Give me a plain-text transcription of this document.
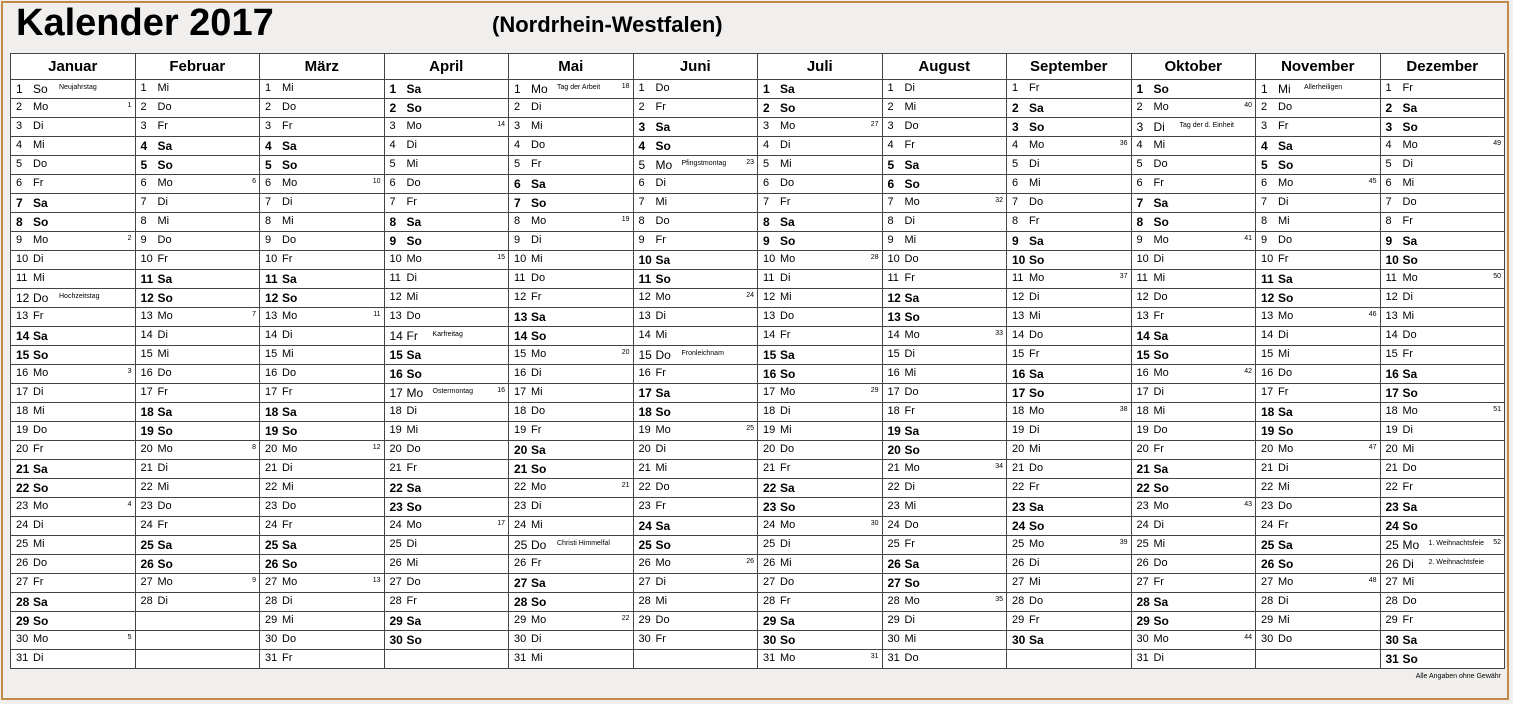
Kalender 2017	(Nordrhein-Westfalen)
Januar	Februar	März	April	Mai	Juni	Juli	August	September	Oktober	November	Dezember

1 So Neujahrstag	1 Mi	1 Mi	1 Sa	1 Mo Tag der Arbeit 18	1 Do	1 Sa	1 Di	1 Fr	1 So	1 Mi Allerheiligen	1 Fr

2 Mo 1	2 Do	2 Do	2 So	2 Di	2 Fr	2 So	2 Mi	2 Sa	2 Mo 40	2 Do	2 Sa

3 Di	3 Fr	3 Fr	3 Mo 14	3 Mi	3 Sa	3 Mo 27	3 Do	3 So	3 Di Tag der d. Einheit	3 Fr	3 So

4 Mi	4 Sa	4 Sa	4 Di	4 Do	4 So	4 Di	4 Fr	4 Mo 36	4 Mi	4 Sa	4 Mo 49

5 Do	5 So	5 So	5 Mi	5 Fr	5 Mo Pfingstmontag 23	5 Mi	5 Sa	5 Di	5 Do	5 So	5 Di

6 Fr	6 Mo 6	6 Mo 10	6 Do	6 Sa	6 Di	6 Do	6 So	6 Mi	6 Fr	6 Mo 45	6 Mi

7 Sa	7 Di	7 Di	7 Fr	7 So	7 Mi	7 Fr	7 Mo 32	7 Do	7 Sa	7 Di	7 Do

8 So	8 Mi	8 Mi	8 Sa	8 Mo 19	8 Do	8 Sa	8 Di	8 Fr	8 So	8 Mi	8 Fr

9 Mo 2	9 Do	9 Do	9 So	9 Di	9 Fr	9 So	9 Mi	9 Sa	9 Mo 41	9 Do	9 Sa

10 Di	10 Fr	10 Fr	10 Mo 15	10 Mi	10 Sa	10 Mo 28	10 Do	10 So	10 Di	10 Fr	10 So

11 Mi	11 Sa	11 Sa	11 Di	11 Do	11 So	11 Di	11 Fr	11 Mo 37	11 Mi	11 Sa	11 Mo 50

12 Do Hochzeitstag	12 So	12 So	12 Mi	12 Fr	12 Mo 24	12 Mi	12 Sa	12 Di	12 Do	12 So	12 Di

13 Fr	13 Mo 7	13 Mo 11	13 Do	13 Sa	13 Di	13 Do	13 So	13 Mi	13 Fr	13 Mo 46	13 Mi

14 Sa	14 Di	14 Di	14 Fr Karfreitag	14 So	14 Mi	14 Fr	14 Mo 33	14 Do	14 Sa	14 Di	14 Do

15 So	15 Mi	15 Mi	15 Sa	15 Mo 20	15 Do Fronleichnam	15 Sa	15 Di	15 Fr	15 So	15 Mi	15 Fr

16 Mo 3	16 Do	16 Do	16 So	16 Di	16 Fr	16 So	16 Mi	16 Sa	16 Mo 42	16 Do	16 Sa

17 Di	17 Fr	17 Fr	17 Mo Ostermontag 16	17 Mi	17 Sa	17 Mo 29	17 Do	17 So	17 Di	17 Fr	17 So

18 Mi	18 Sa	18 Sa	18 Di	18 Do	18 So	18 Di	18 Fr	18 Mo 38	18 Mi	18 Sa	18 Mo 51

19 Do	19 So	19 So	19 Mi	19 Fr	19 Mo 25	19 Mi	19 Sa	19 Di	19 Do	19 So	19 Di

20 Fr	20 Mo 8	20 Mo 12	20 Do	20 Sa	20 Di	20 Do	20 So	20 Mi	20 Fr	20 Mo 47	20 Mi

21 Sa	21 Di	21 Di	21 Fr	21 So	21 Mi	21 Fr	21 Mo 34	21 Do	21 Sa	21 Di	21 Do

22 So	22 Mi	22 Mi	22 Sa	22 Mo 21	22 Do	22 Sa	22 Di	22 Fr	22 So	22 Mi	22 Fr

23 Mo 4	23 Do	23 Do	23 So	23 Di	23 Fr	23 So	23 Mi	23 Sa	23 Mo 43	23 Do	23 Sa

24 Di	24 Fr	24 Fr	24 Mo 17	24 Mi	24 Sa	24 Mo 30	24 Do	24 So	24 Di	24 Fr	24 So

25 Mi	25 Sa	25 Sa	25 Di	25 Do Christi Himmelfal	25 So	25 Di	25 Fr	25 Mo 39	25 Mi	25 Sa	25 Mo 1. Weihnachtsfeie 52

26 Do	26 So	26 So	26 Mi	26 Fr	26 Mo 26	26 Mi	26 Sa	26 Di	26 Do	26 So	26 Di 2. Weihnachtsfeie

27 Fr	27 Mo 9	27 Mo 13	27 Do	27 Sa	27 Di	27 Do	27 So	27 Mi	27 Fr	27 Mo 48	27 Mi

28 Sa	28 Di	28 Di	28 Fr	28 So	28 Mi	28 Fr	28 Mo 35	28 Do	28 Sa	28 Di	28 Do

29 So		29 Mi	29 Sa	29 Mo 22	29 Do	29 Sa	29 Di	29 Fr	29 So	29 Mi	29 Fr

30 Mo 5		30 Do	30 So	30 Di	30 Fr	30 So	30 Mi	30 Sa	30 Mo 44	30 Do	30 Sa

31 Di		31 Fr		31 Mi		31 Mo 31	31 Do		31 Di		31 So
Alle Angaben ohne Gewähr
